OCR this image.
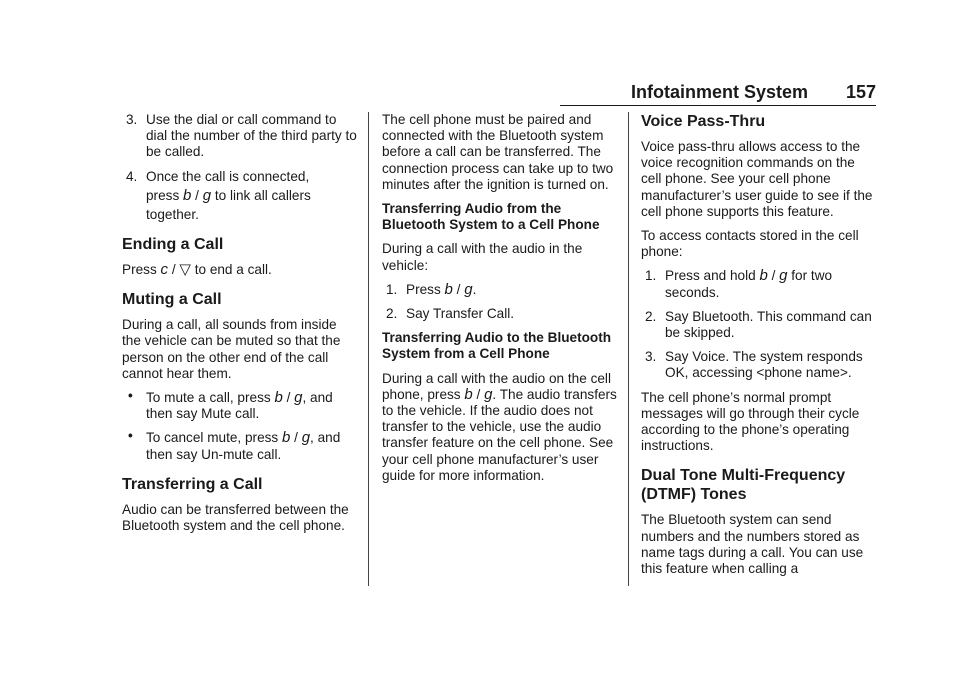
Infotainment System 157
3. Use the dial or call command to dial the number of the third party to be called.
4. Once the call is connected,
press b / g to link all callers together.
Ending a Call

Press c / ▽ to end a call.

Muting a Call

During a call, all sounds from inside the vehicle can be muted so that the person on the other end of the call cannot hear them.

• To mute a call, press b / g, and then say Mute call.
• To cancel mute, press b / g, and then say Un-mute call.
Transferring a Call

Audio can be transferred between the Bluetooth system and the cell phone.

The cell phone must be paired and connected with the Bluetooth system before a call can be transferred. The connection process can take up to two minutes after the ignition is turned on.

Transferring Audio from the Bluetooth System to a Cell Phone

During a call with the audio in the vehicle:

1. Press b / g.
2. Say Transfer Call.
Transferring Audio to the Bluetooth System from a Cell Phone

During a call with the audio on the cell phone, press b / g. The audio transfers to the vehicle. If the audio does not transfer to the vehicle, use the audio transfer feature on the cell phone. See your cell phone manufacturer’s user guide for more information.

Voice Pass-Thru

Voice pass-thru allows access to the voice recognition commands on the cell phone. See your cell phone manufacturer’s user guide to see if the cell phone supports this feature.

To access contacts stored in the cell phone:

1. Press and hold b / g for two seconds.
2. Say Bluetooth. This command can be skipped.
3. Say Voice. The system responds OK, accessing <phone name>.

The cell phone’s normal prompt messages will go through their cycle according to the phone’s operating instructions.

Dual Tone Multi-Frequency (DTMF) Tones

The Bluetooth system can send numbers and the numbers stored as name tags during a call. You can use this feature when calling a
